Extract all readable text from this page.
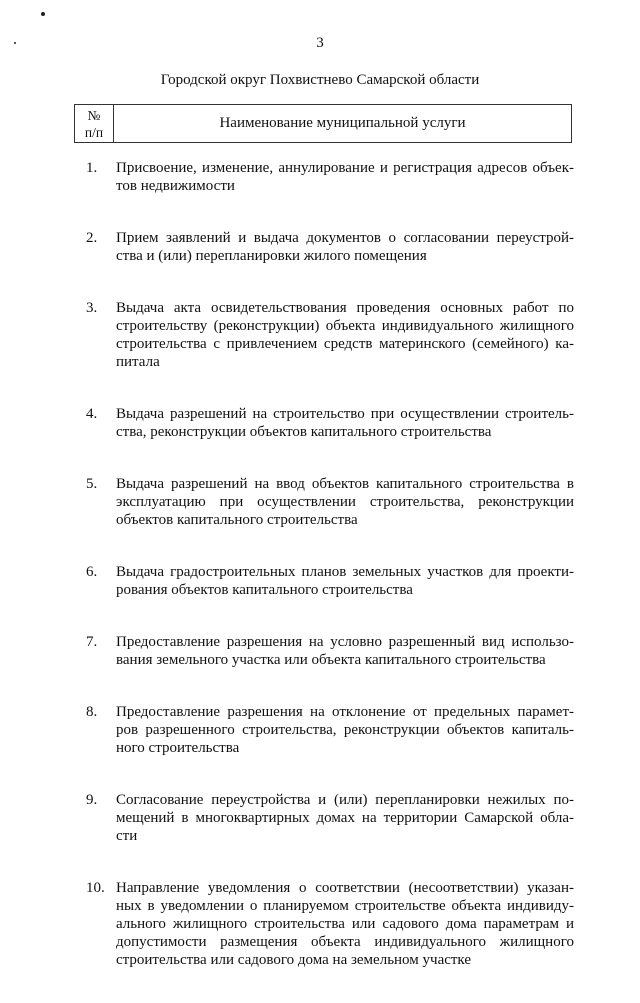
3
Городской округ Похвистнево Самарской области
№
п/п
Наименование муниципальной услуги
1. Присвоение, изменение, аннулирование и регистрация адресов объек-
тов недвижимости
2. Прием заявлений и выдача документов о согласовании переустрой-
ства и (или) перепланировки жилого помещения
3. Выдача акта освидетельствования проведения основных работ по
строительству (реконструкции) объекта индивидуального жилищного
строительства с привлечением средств материнского (семейного) ка-
питала
4. Выдача разрешений на строительство при осуществлении строитель-
ства, реконструкции объектов капитального строительства
5. Выдача разрешений на ввод объектов капитального строительства в
эксплуатацию при осуществлении строительства, реконструкции
объектов капитального строительства
6. Выдача градостроительных планов земельных участков для проекти-
рования объектов капитального строительства
7. Предоставление разрешения на условно разрешенный вид использо-
вания земельного участка или объекта капитального строительства
8. Предоставление разрешения на отклонение от предельных парамет-
ров разрешенного строительства, реконструкции объектов капиталь-
ного строительства
9. Согласование переустройства и (или) перепланировки нежилых по-
мещений в многоквартирных домах на территории Самарской обла-
сти
10. Направление уведомления о соответствии (несоответствии) указан-
ных в уведомлении о планируемом строительстве объекта индивиду-
ального жилищного строительства или садового дома параметрам и
допустимости размещения объекта индивидуального жилищного
строительства или садового дома на земельном участке
